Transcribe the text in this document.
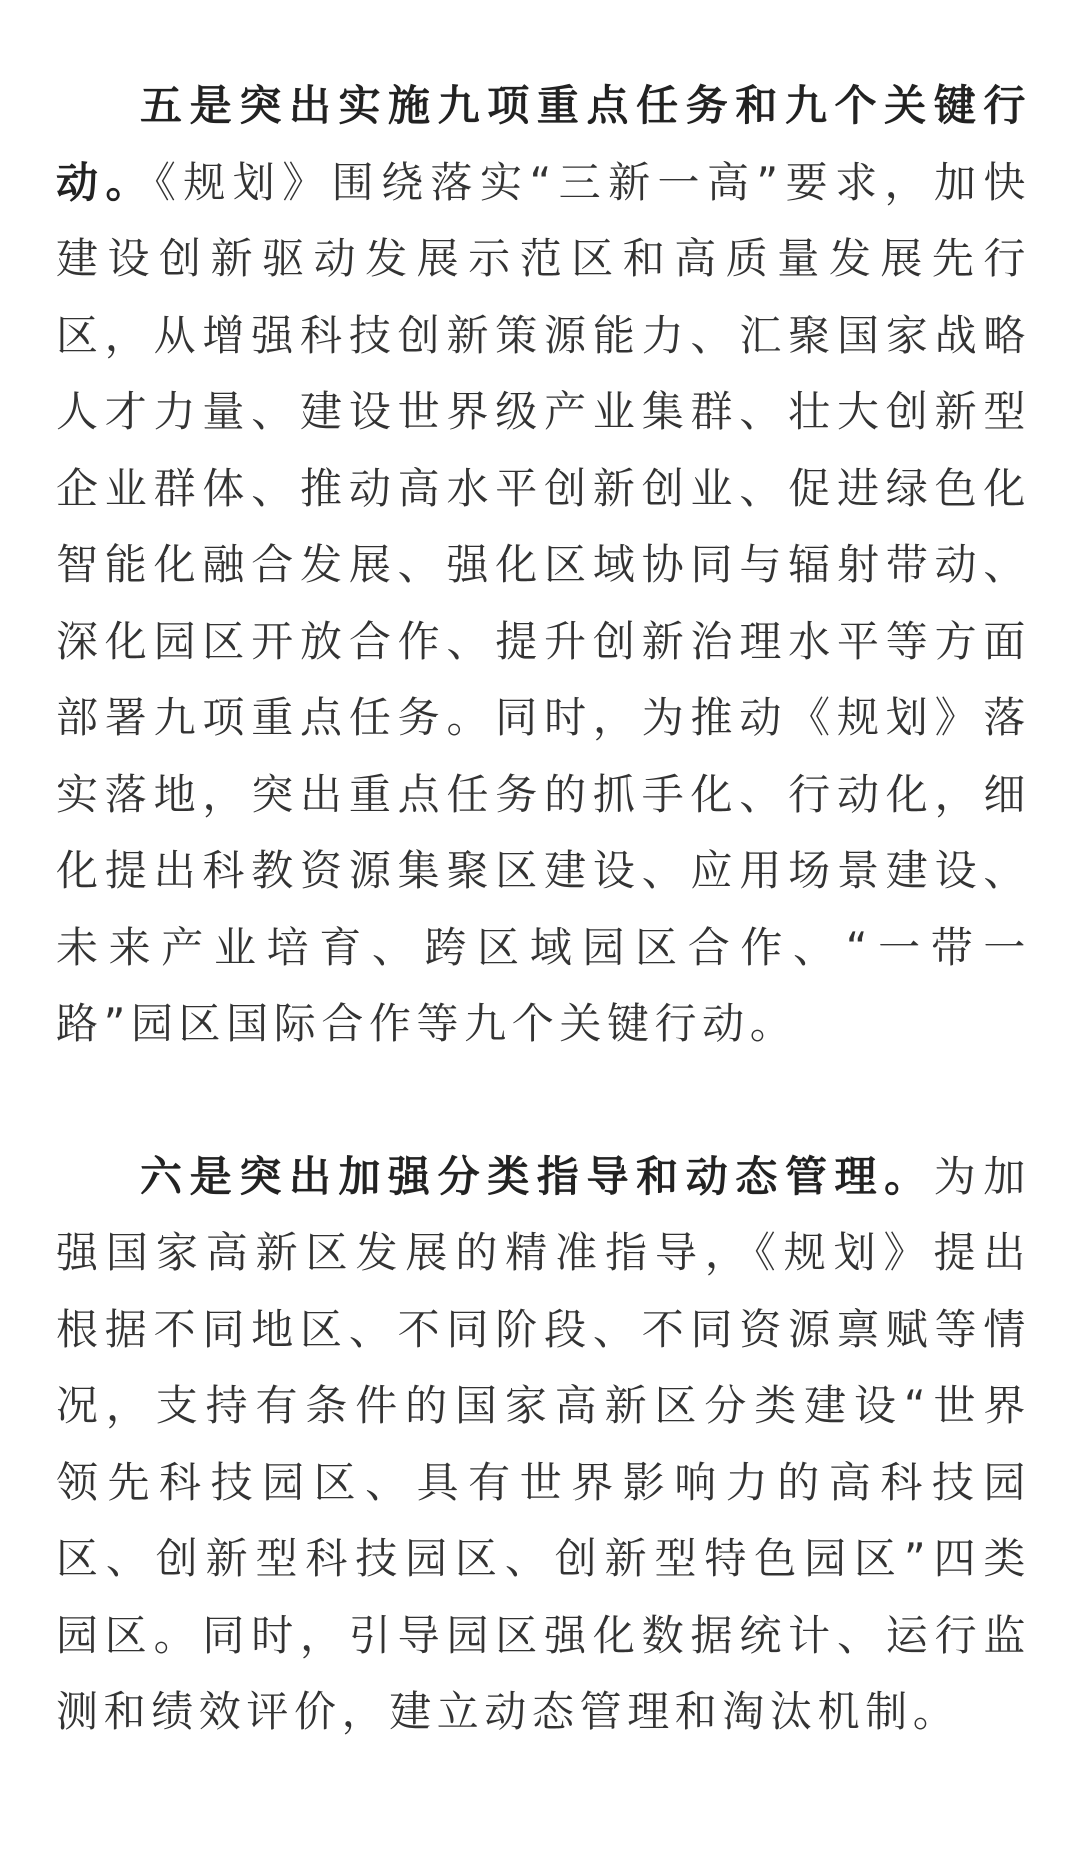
五是突出实施九项重点任务和九个关键行动。《规划》围绕落实“三新一高”要求，加快建设创新驱动发展示范区和高质量发展先行区，从增强科技创新策源能力、汇聚国家战略人才力量、建设世界级产业集群、壮大创新型企业群体、推动高水平创新创业、促进绿色化智能化融合发展、强化区域协同与辐射带动、深化园区开放合作、提升创新治理水平等方面部署九项重点任务。同时，为推动《规划》落实落地，突出重点任务的抓手化、行动化，细化提出科教资源集聚区建设、应用场景建设、未来产业培育、跨区域园区合作、“一带一路”园区国际合作等九个关键行动。

六是突出加强分类指导和动态管理。为加强国家高新区发展的精准指导，《规划》提出根据不同地区、不同阶段、不同资源禀赋等情况，支持有条件的国家高新区分类建设“世界领先科技园区、具有世界影响力的高科技园区、创新型科技园区、创新型特色园区”四类园区。同时，引导园区强化数据统计、运行监测和绩效评价，建立动态管理和淘汰机制。
